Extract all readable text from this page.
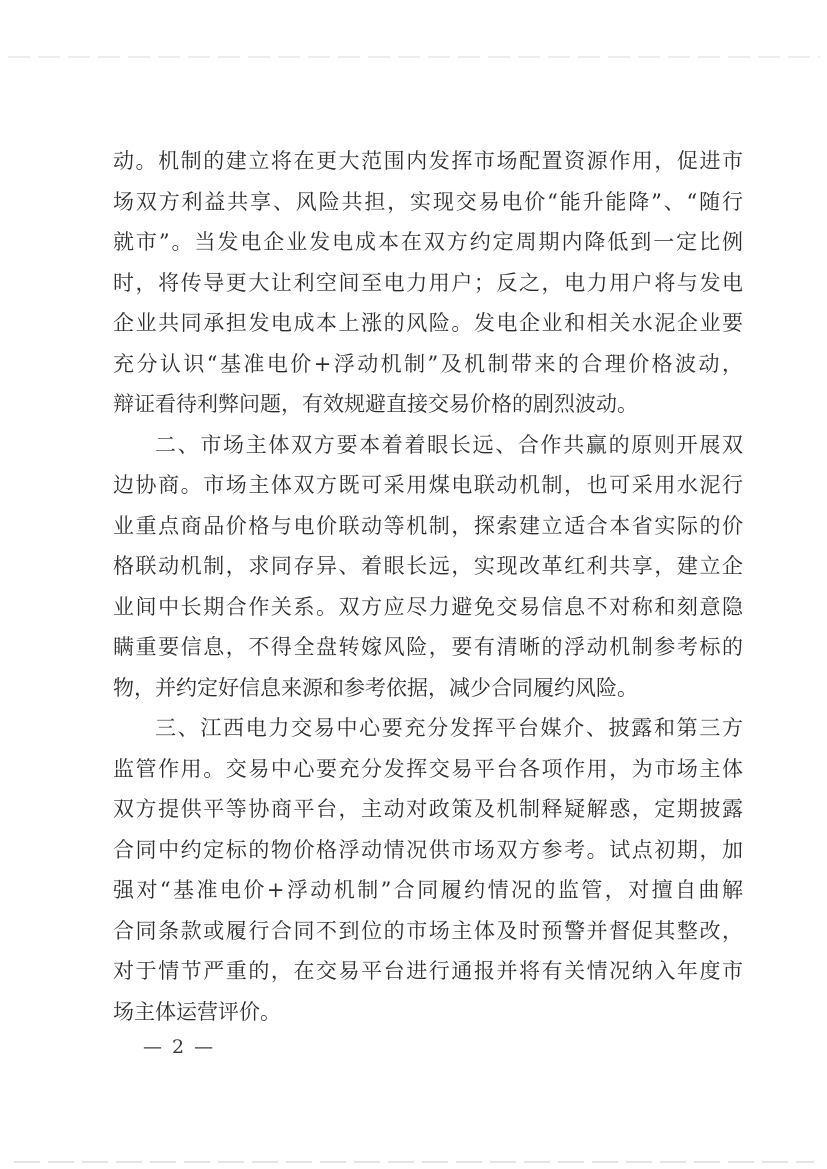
动。机制的建立将在更大范围内发挥市场配置资源作用，促进市
场双方利益共享、风险共担，实现交易电价“能升能降”、“随行
就市”。当发电企业发电成本在双方约定周期内降低到一定比例
时，将传导更大让利空间至电力用户；反之，电力用户将与发电
企业共同承担发电成本上涨的风险。发电企业和相关水泥企业要
充分认识“基准电价+浮动机制”及机制带来的合理价格波动，
辩证看待利弊问题，有效规避直接交易价格的剧烈波动。
二、市场主体双方要本着着眼长远、合作共赢的原则开展双
边协商。市场主体双方既可采用煤电联动机制，也可采用水泥行
业重点商品价格与电价联动等机制，探索建立适合本省实际的价
格联动机制，求同存异、着眼长远，实现改革红利共享，建立企
业间中长期合作关系。双方应尽力避免交易信息不对称和刻意隐
瞒重要信息，不得全盘转嫁风险，要有清晰的浮动机制参考标的
物，并约定好信息来源和参考依据，减少合同履约风险。
三、江西电力交易中心要充分发挥平台媒介、披露和第三方
监管作用。交易中心要充分发挥交易平台各项作用，为市场主体
双方提供平等协商平台，主动对政策及机制释疑解惑，定期披露
合同中约定标的物价格浮动情况供市场双方参考。试点初期，加
强对“基准电价+浮动机制”合同履约情况的监管，对擅自曲解
合同条款或履行合同不到位的市场主体及时预警并督促其整改，
对于情节严重的，在交易平台进行通报并将有关情况纳入年度市
场主体运营评价。
— 2 —
